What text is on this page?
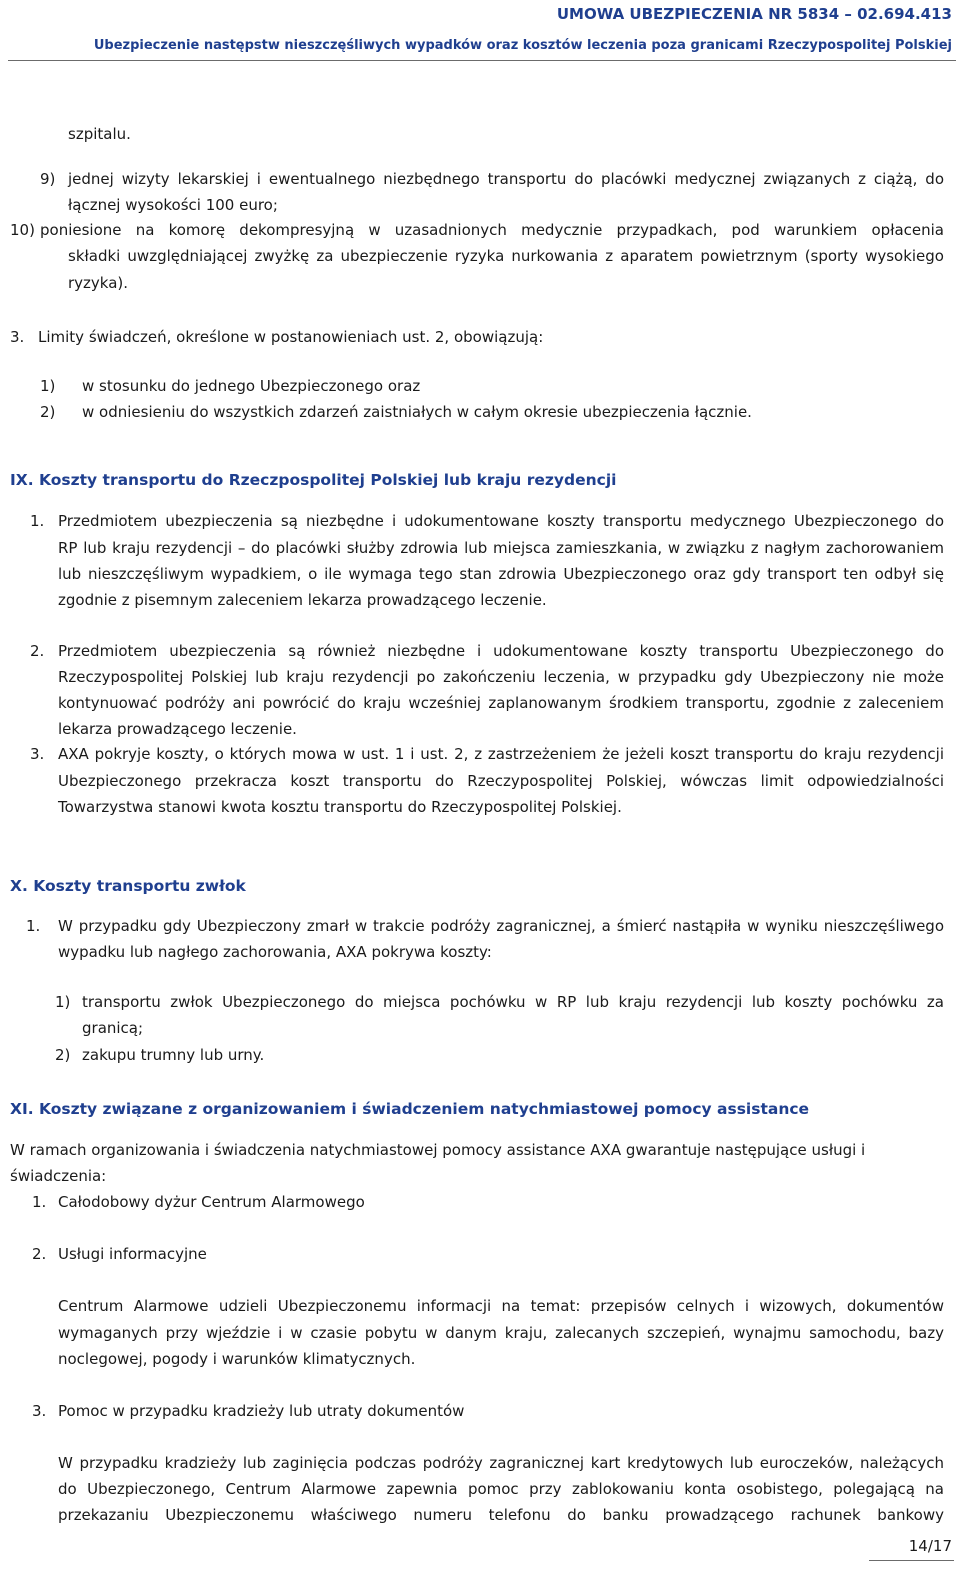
UMOWA UBEZPIECZENIA NR 5834 – 02.694.413
Ubezpieczenie następstw nieszczęśliwych wypadków oraz kosztów leczenia poza granicami Rzeczypospolitej Polskiej

szpitalu.

9) jednej wizyty lekarskiej i ewentualnego niezbędnego transportu do placówki medycznej związanych z ciążą, do

łącznej wysokości 100 euro;

10) poniesione na komorę dekompresyjną w uzasadnionych medycznie przypadkach, pod warunkiem opłacenia

składki uwzględniającej zwyżkę za ubezpieczenie ryzyka nurkowania z aparatem powietrznym (sporty wysokiego

ryzyka).

3. Limity świadczeń, określone w postanowieniach ust. 2, obowiązują:

1) w stosunku do jednego Ubezpieczonego oraz

2) w odniesieniu do wszystkich zdarzeń zaistniałych w całym okresie ubezpieczenia łącznie.

IX. Koszty transportu do Rzeczpospolitej Polskiej lub kraju rezydencji

1. Przedmiotem ubezpieczenia są niezbędne i udokumentowane koszty transportu medycznego Ubezpieczonego do

RP lub kraju rezydencji – do placówki służby zdrowia lub miejsca zamieszkania, w związku z nagłym zachorowaniem

lub nieszczęśliwym wypadkiem, o ile wymaga tego stan zdrowia Ubezpieczonego oraz gdy transport ten odbył się

zgodnie z pisemnym zaleceniem lekarza prowadzącego leczenie.

2. Przedmiotem ubezpieczenia są również niezbędne i udokumentowane koszty transportu Ubezpieczonego do

Rzeczypospolitej Polskiej lub kraju rezydencji po zakończeniu leczenia, w przypadku gdy Ubezpieczony nie może

kontynuować podróży ani powrócić do kraju wcześniej zaplanowanym środkiem transportu, zgodnie z zaleceniem

lekarza prowadzącego leczenie.

3. AXA pokryje koszty, o których mowa w ust. 1 i ust. 2, z zastrzeżeniem że jeżeli koszt transportu do kraju rezydencji

Ubezpieczonego przekracza koszt transportu do Rzeczypospolitej Polskiej, wówczas limit odpowiedzialności

Towarzystwa stanowi kwota kosztu transportu do Rzeczypospolitej Polskiej.

X. Koszty transportu zwłok

1. W przypadku gdy Ubezpieczony zmarł w trakcie podróży zagranicznej, a śmierć nastąpiła w wyniku nieszczęśliwego

wypadku lub nagłego zachorowania, AXA pokrywa koszty:

1) transportu zwłok Ubezpieczonego do miejsca pochówku w RP lub kraju rezydencji lub koszty pochówku za

granicą;

2) zakupu trumny lub urny.

XI. Koszty związane z organizowaniem i świadczeniem natychmiastowej pomocy assistance

W ramach organizowania i świadczenia natychmiastowej pomocy assistance AXA gwarantuje następujące usługi i

świadczenia:

1. Całodobowy dyżur Centrum Alarmowego

2. Usługi informacyjne

Centrum Alarmowe udzieli Ubezpieczonemu informacji na temat: przepisów celnych i wizowych, dokumentów

wymaganych przy wjeździe i w czasie pobytu w danym kraju, zalecanych szczepień, wynajmu samochodu, bazy

noclegowej, pogody i warunków klimatycznych.

3. Pomoc w przypadku kradzieży lub utraty dokumentów

W przypadku kradzieży lub zaginięcia podczas podróży zagranicznej kart kredytowych lub euroczeków, należących

do Ubezpieczonego, Centrum Alarmowe zapewnia pomoc przy zablokowaniu konta osobistego, polegającą na

przekazaniu Ubezpieczonemu właściwego numeru telefonu do banku prowadzącego rachunek bankowy

14/17
